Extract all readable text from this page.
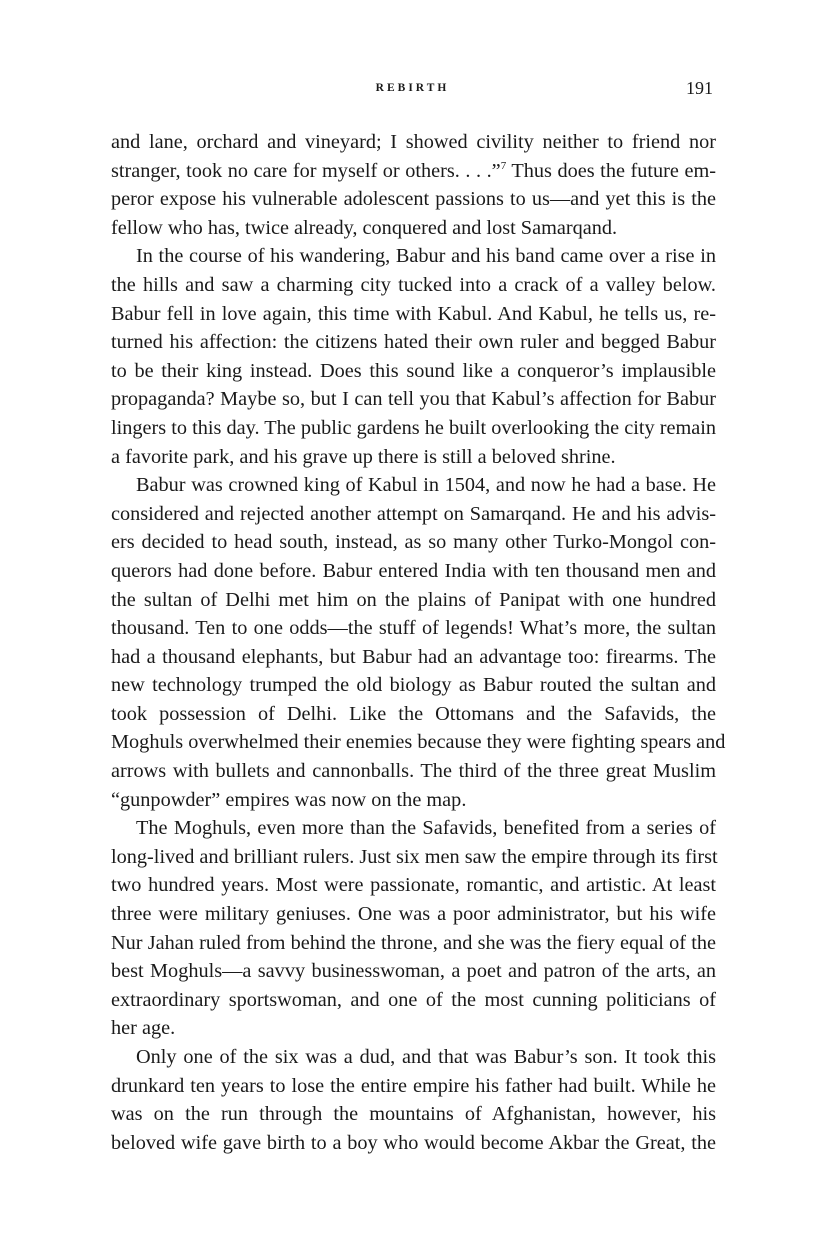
REBIRTH	191
and lane, orchard and vineyard; I showed civility neither to friend nor
stranger, took no care for myself or others. . . .”$^7$ Thus does the future em-
peror expose his vulnerable adolescent passions to us—and yet this is the
fellow who has, twice already, conquered and lost Samarqand.
In the course of his wandering, Babur and his band came over a rise in
the hills and saw a charming city tucked into a crack of a valley below.
Babur fell in love again, this time with Kabul. And Kabul, he tells us, re-
turned his affection: the citizens hated their own ruler and begged Babur
to be their king instead. Does this sound like a conqueror’s implausible
propaganda? Maybe so, but I can tell you that Kabul’s affection for Babur
lingers to this day. The public gardens he built overlooking the city remain
a favorite park, and his grave up there is still a beloved shrine.
Babur was crowned king of Kabul in 1504, and now he had a base. He
considered and rejected another attempt on Samarqand. He and his advis-
ers decided to head south, instead, as so many other Turko-Mongol con-
querors had done before. Babur entered India with ten thousand men and
the sultan of Delhi met him on the plains of Panipat with one hundred
thousand. Ten to one odds—the stuff of legends! What’s more, the sultan
had a thousand elephants, but Babur had an advantage too: firearms. The
new technology trumped the old biology as Babur routed the sultan and
took possession of Delhi. Like the Ottomans and the Safavids, the
Moghuls overwhelmed their enemies because they were fighting spears and
arrows with bullets and cannonballs. The third of the three great Muslim
“gunpowder” empires was now on the map.
The Moghuls, even more than the Safavids, benefited from a series of
long-lived and brilliant rulers. Just six men saw the empire through its first
two hundred years. Most were passionate, romantic, and artistic. At least
three were military geniuses. One was a poor administrator, but his wife
Nur Jahan ruled from behind the throne, and she was the fiery equal of the
best Moghuls—a savvy businesswoman, a poet and patron of the arts, an
extraordinary sportswoman, and one of the most cunning politicians of
her age.
Only one of the six was a dud, and that was Babur’s son. It took this
drunkard ten years to lose the entire empire his father had built. While he
was on the run through the mountains of Afghanistan, however, his
beloved wife gave birth to a boy who would become Akbar the Great, the
